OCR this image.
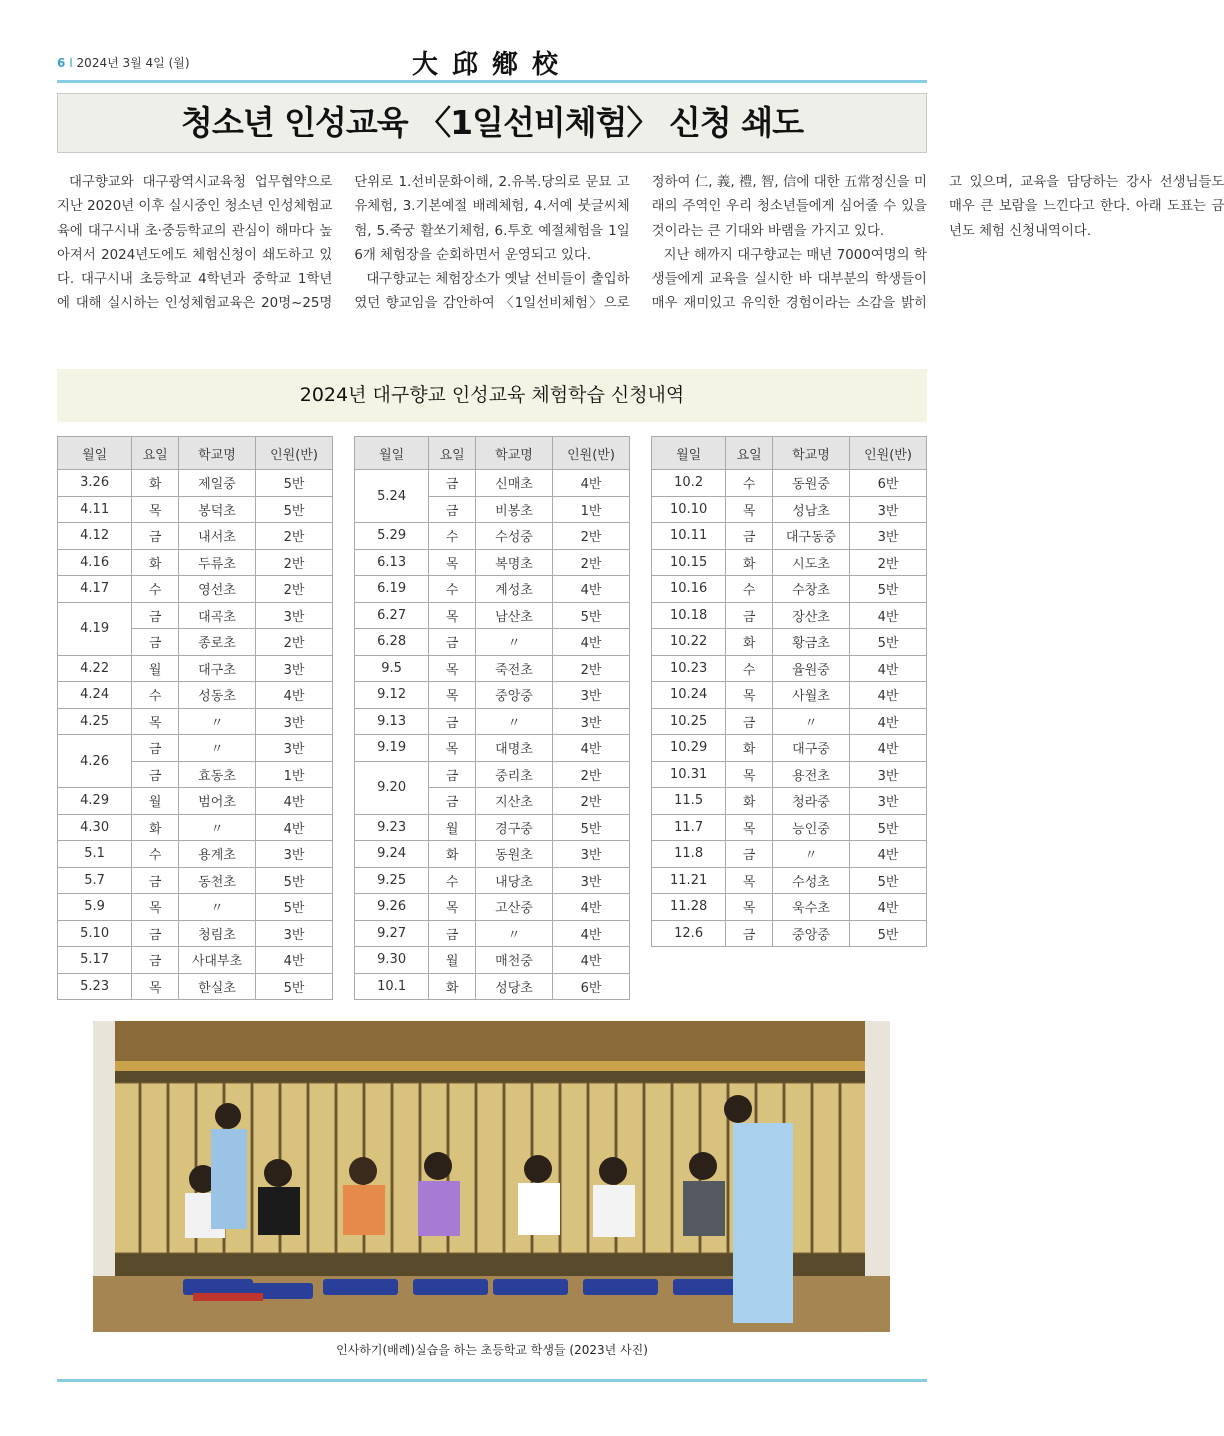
6 I 2024년 3월 4일 (월)	大邱鄕校
청소년 인성교육 〈1일선비체험〉 신청 쇄도

대구향교와 대구광역시교육청 업무협약으로 지난 2020년 이후 실시중인 청소년 인성체험교육에 대구시내 초·중등학교의 관심이 해마다 높아져서 2024년도에도 체험신청이 쇄도하고 있다. 대구시내 초등학교 4학년과 중학교 1학년에 대해 실시하는 인성체험교육은 20명~25명 단위로 1.선비문화이해, 2.유복.당의로 문묘 고유체험, 3.기본예절 배례체험, 4.서예 붓글씨체험, 5.죽궁 활쏘기체험, 6.투호 예절체험을 1일 6개 체험장을 순회하면서 운영되고 있다.

대구향교는 체험장소가 옛날 선비들이 출입하였던 향교임을 감안하여 〈1일선비체험〉으로 정하여 仁, 義, 禮, 智, 信에 대한 五常정신을 미래의 주역인 우리 청소년들에게 심어줄 수 있을 것이라는 큰 기대와 바램을 가지고 있다.

지난 해까지 대구향교는 매년 7000여명의 학생들에게 교육을 실시한 바 대부분의 학생들이 매우 재미있고 유익한 경험이라는 소감을 밝히고 있으며, 교육을 담당하는 강사 선생님들도 매우 큰 보람을 느낀다고 한다. 아래 도표는 금년도 체험 신청내역이다.

2024년 대구향교 인성교육 체험학습 신청내역
월일	요일	학교명	인원(반)
3.26	화	제일중	5반
4.11	목	봉덕초	5반
4.12	금	내서초	2반
4.16	화	두류초	2반
4.17	수	영선초	2반
4.19	금	대곡초	3반
	금	종로초	2반
4.22	월	대구초	3반
4.24	수	성동초	4반
4.25	목	〃	3반
4.26	금	〃	3반
	금	효동초	1반
4.29	월	범어초	4반
4.30	화	〃	4반
5.1	수	용계초	3반
5.7	금	동천초	5반
5.9	목	〃	5반
5.10	금	청림초	3반
5.17	금	사대부초	4반
5.23	목	한실초	5반
월일	요일	학교명	인원(반)
5.24	금	신매초	4반
	금	비봉초	1반
5.29	수	수성중	2반
6.13	목	복명초	2반
6.19	수	계성초	4반
6.27	목	남산초	5반
6.28	금	〃	4반
9.5	목	죽전초	2반
9.12	목	중앙중	3반
9.13	금	〃	3반
9.19	목	대명초	4반
9.20	금	중리초	2반
	금	지산초	2반
9.23	월	경구중	5반
9.24	화	동원초	3반
9.25	수	내당초	3반
9.26	목	고산중	4반
9.27	금	〃	4반
9.30	월	매천중	4반
10.1	화	성당초	6반
월일	요일	학교명	인원(반)
10.2	수	동원중	6반
10.10	목	성남초	3반
10.11	금	대구동중	3반
10.15	화	시도초	2반
10.16	수	수창초	5반
10.18	금	장산초	4반
10.22	화	황금초	5반
10.23	수	율원중	4반
10.24	목	사월초	4반
10.25	금	〃	4반
10.29	화	대구중	4반
10.31	목	용전초	3반
11.5	화	청라중	3반
11.7	목	능인중	5반
11.8	금	〃	4반
11.21	목	수성초	5반
11.28	목	욱수초	4반
12.6	금	중앙중	5반
인사하기(배례)실습을 하는 초등학교 학생들 (2023년 사진)
